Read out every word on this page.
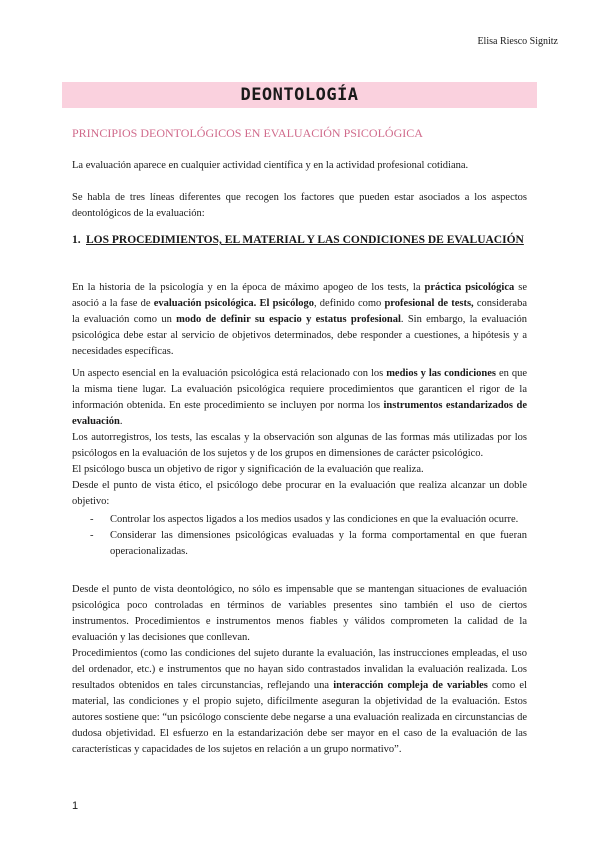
Elisa Riesco Signitz
DEONTOLOGÍA
PRINCIPIOS DEONTOLÓGICOS EN EVALUACIÓN PSICOLÓGICA

La evaluación aparece en cualquier actividad científica y en la actividad profesional cotidiana.

Se habla de tres líneas diferentes que recogen los factores que pueden estar asociados a los aspectos deontológicos de la evaluación:

1. LOS PROCEDIMIENTOS, EL MATERIAL Y LAS CONDICIONES DE EVALUACIÓN

En la historia de la psicología y en la época de máximo apogeo de los tests, la práctica psicológica se asoció a la fase de evaluación psicológica. El psicólogo, definido como profesional de tests, consideraba la evaluación como un modo de definir su espacio y estatus profesional. Sin embargo, la evaluación psicológica debe estar al servicio de objetivos determinados, debe responder a cuestiones, a hipótesis y a necesidades específicas.

Un aspecto esencial en la evaluación psicológica está relacionado con los medios y las condiciones en que la misma tiene lugar. La evaluación psicológica requiere procedimientos que garanticen el rigor de la información obtenida. En este procedimiento se incluyen por norma los instrumentos estandarizados de evaluación.

Los autorregistros, los tests, las escalas y la observación son algunas de las formas más utilizadas por los psicólogos en la evaluación de los sujetos y de los grupos en dimensiones de carácter psicológico.

El psicólogo busca un objetivo de rigor y significación de la evaluación que realiza.

Desde el punto de vista ético, el psicólogo debe procurar en la evaluación que realiza alcanzar un doble objetivo:

-	Controlar los aspectos ligados a los medios usados y las condiciones en que la evaluación ocurre.
-	Considerar las dimensiones psicológicas evaluadas y la forma comportamental en que fueran operacionalizadas.

Desde el punto de vista deontológico, no sólo es impensable que se mantengan situaciones de evaluación psicológica poco controladas en términos de variables presentes sino también el uso de ciertos instrumentos. Procedimientos e instrumentos menos fiables y válidos comprometen la calidad de la evaluación y las decisiones que conllevan.

Procedimientos (como las condiciones del sujeto durante la evaluación, las instrucciones empleadas, el uso del ordenador, etc.) e instrumentos que no hayan sido contrastados invalidan la evaluación realizada. Los resultados obtenidos en tales circunstancias, reflejando una interacción compleja de variables como el material, las condiciones y el propio sujeto, difícilmente aseguran la objetividad de la evaluación. Estos autores sostiene que: “un psicólogo consciente debe negarse a una evaluación realizada en circunstancias de dudosa objetividad. El esfuerzo en la estandarización debe ser mayor en el caso de la evaluación de las características y capacidades de los sujetos en relación a un grupo normativo”.

1
